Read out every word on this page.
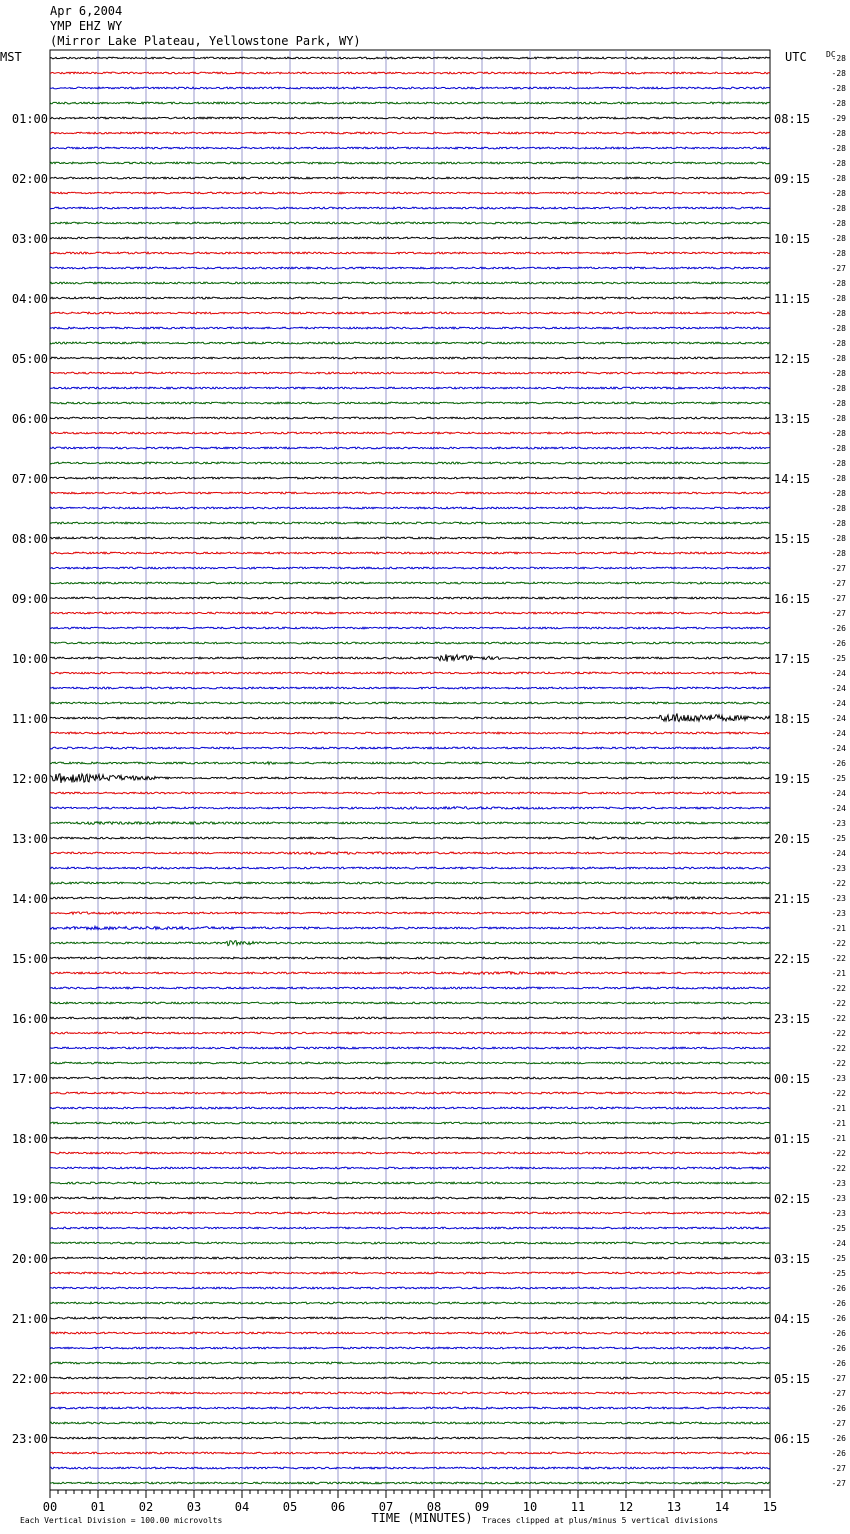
Apr 6,2004
YMP EHZ WY
(Mirror Lake Plateau, Yellowstone Park, WY)
-28
-28
-28
-28
-29
-28
-28
-28
-28
-28
-28
-28
-28
-28
-27
-28
-28
-28
-28
-28
-28
-28
-28
-28
-28
-28
-28
-28
-28
-28
-28
-28
-28
-28
-27
-27
-27
-27
-26
-26
-25
-24
-24
-24
-24
-24
-24
-26
-25
-24
-24
-23
-25
-24
-23
-22
-23
-23
-21
-22
-22
-21
-22
-22
-22
-22
-22
-22
-23
-22
-21
-21
-21
-22
-22
-23
-23
-23
-25
-24
-25
-25
-26
-26
-26
-26
-26
-26
-27
-27
-26
-27
-26
-26
-27
-27
DC
MST	UTC
01:00
02:00
03:00
04:00
05:00
06:00
07:00
08:00
09:00
10:00
11:00
12:00
13:00
14:00
15:00
16:00
17:00
18:00
19:00
20:00
21:00
22:00
23:00
08:15
09:15
10:15
11:15
12:15
13:15
14:15
15:15
16:15
17:15
18:15
19:15
20:15
21:15
22:15
23:15
00:15
01:15
02:15
03:15
04:15
05:15
06:15
00	01	02	03	04	05	06	07	08	09	10	11	12	13	14	15
TIME (MINUTES)
Each Vertical Division = 100.00 microvolts	Traces clipped at plus/minus 5 vertical divisions
